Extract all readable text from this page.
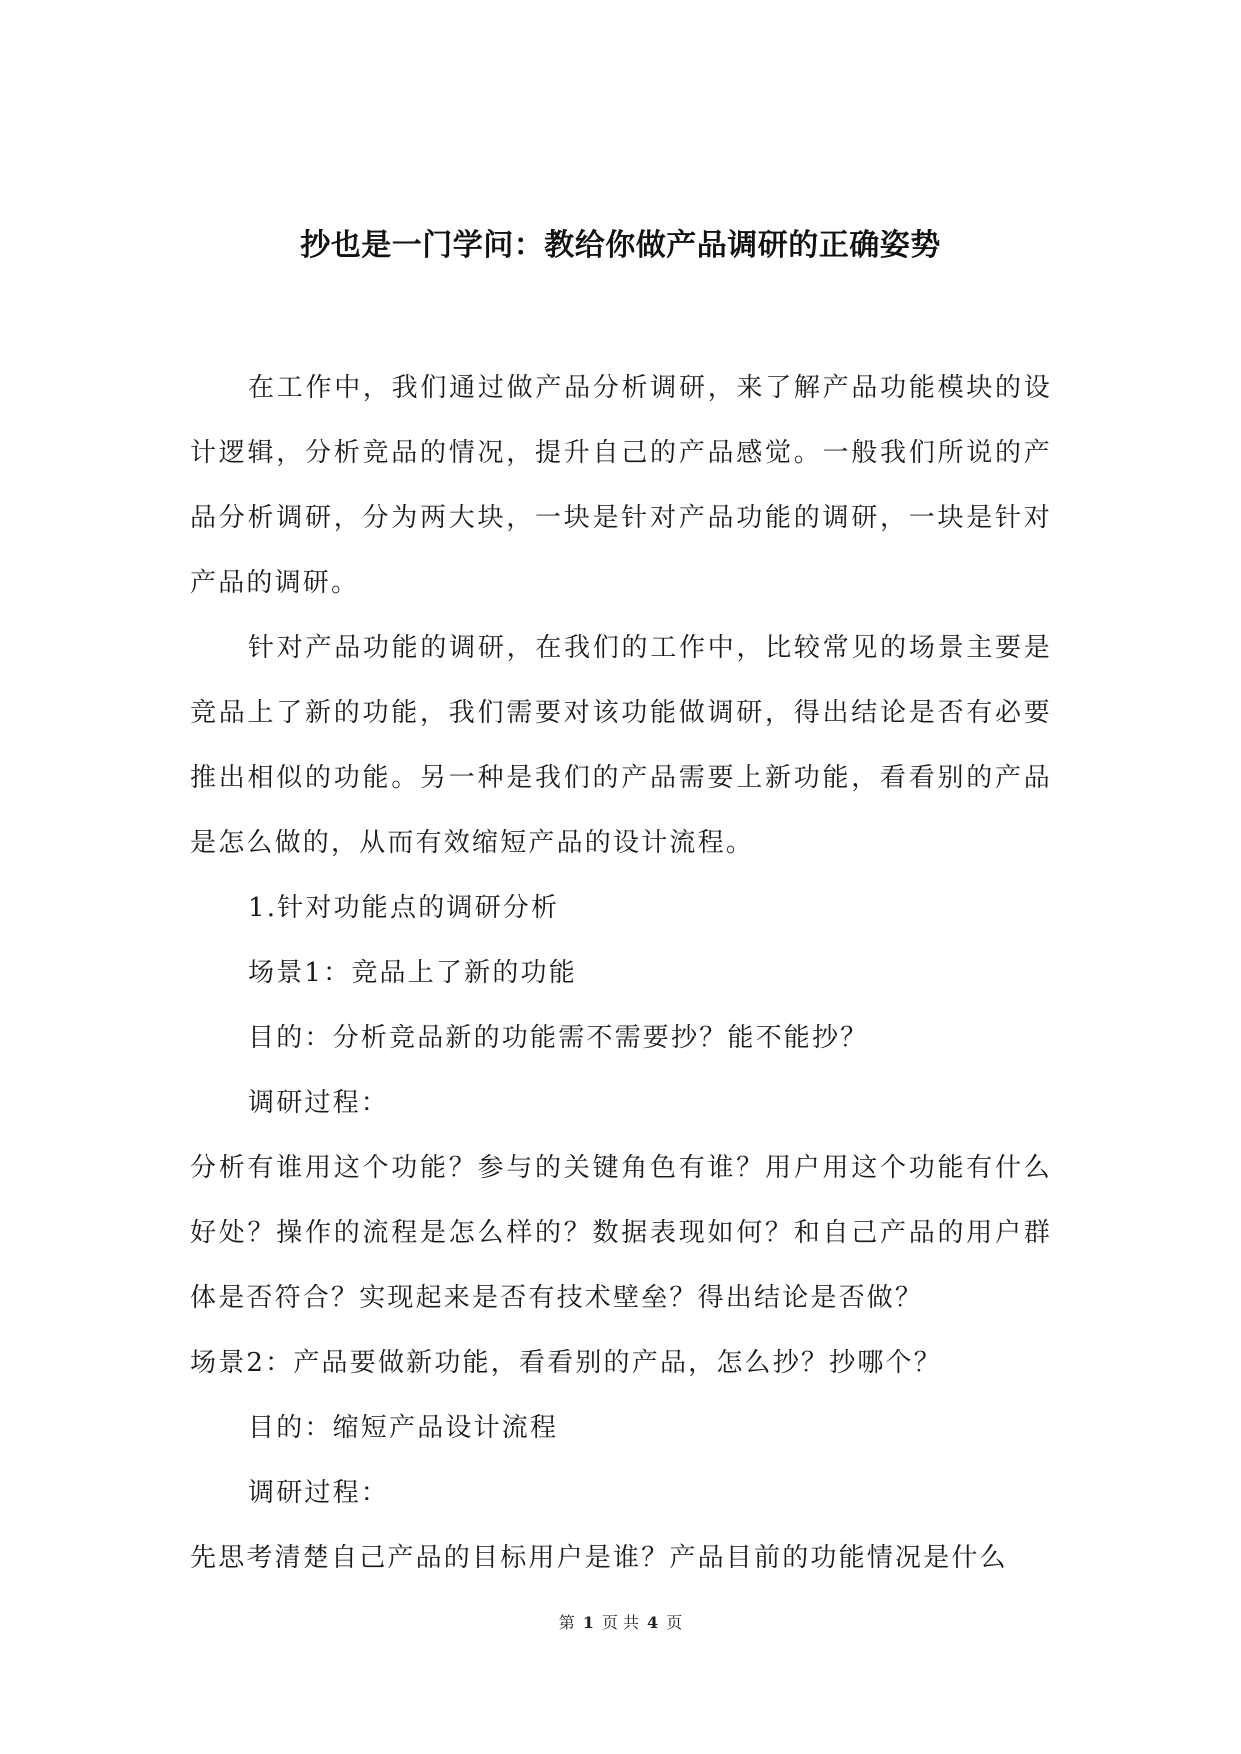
抄也是一门学问：教给你做产品调研的正确姿势

在工作中，我们通过做产品分析调研，来了解产品功能模块的设计逻辑，分析竞品的情况，提升自己的产品感觉。一般我们所说的产品分析调研，分为两大块，一块是针对产品功能的调研，一块是针对产品的调研。

针对产品功能的调研，在我们的工作中，比较常见的场景主要是竞品上了新的功能，我们需要对该功能做调研，得出结论是否有必要推出相似的功能。另一种是我们的产品需要上新功能，看看别的产品是怎么做的，从而有效缩短产品的设计流程。

1.针对功能点的调研分析

场景1：竞品上了新的功能

目的：分析竞品新的功能需不需要抄？能不能抄？

调研过程：

分析有谁用这个功能？参与的关键角色有谁？用户用这个功能有什么好处？操作的流程是怎么样的？数据表现如何？和自己产品的用户群体是否符合？实现起来是否有技术壁垒？得出结论是否做？

场景2：产品要做新功能，看看别的产品，怎么抄？抄哪个？

目的：缩短产品设计流程

调研过程：

先思考清楚自己产品的目标用户是谁？产品目前的功能情况是什么

第 1 页 共 4 页
